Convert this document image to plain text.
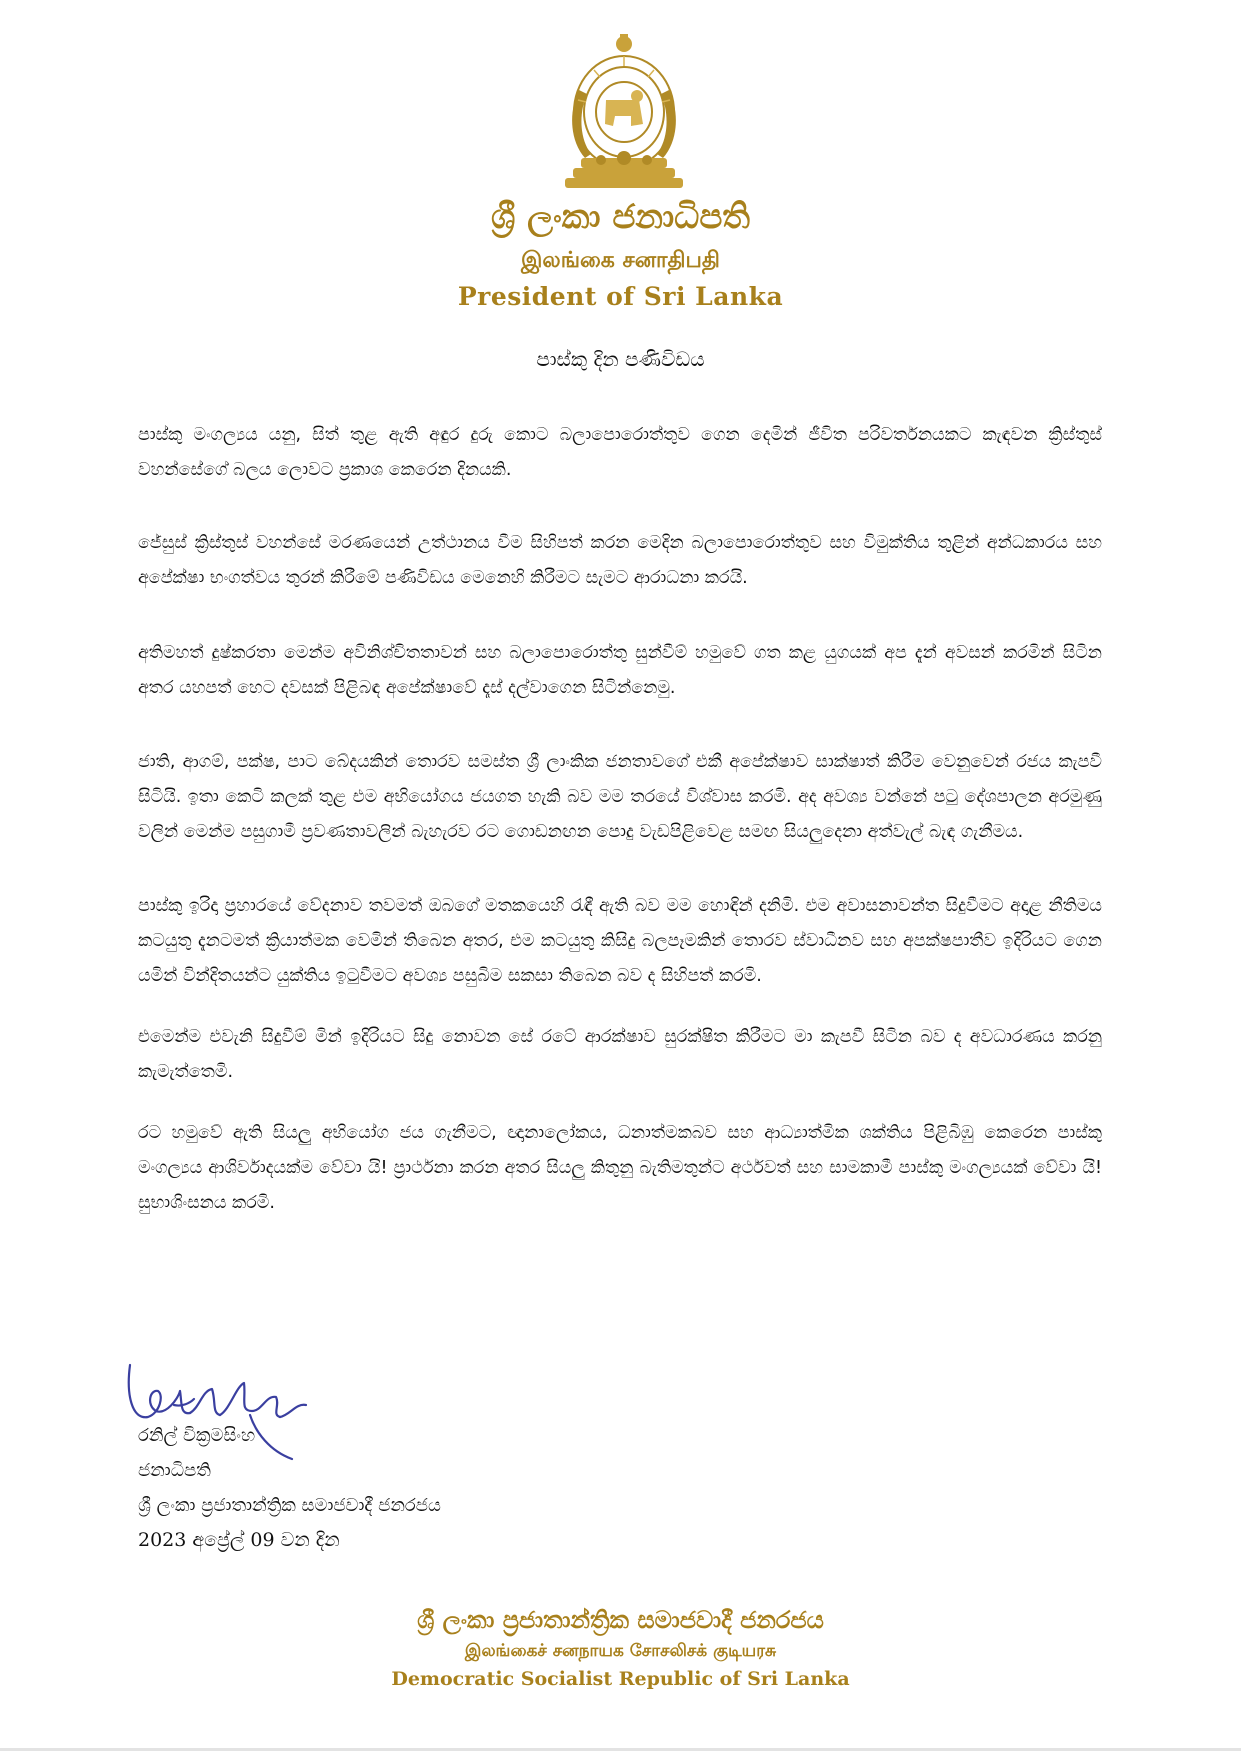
ශ්‍රී ලංකා ජනාධිපති
இலங்கை சனாதிபதி
President of Sri Lanka
පාස්කු දින පණිවිඩය

පාස්කු මංගල්‍යය යනු, සිත් තුළ ඇති අඳුර දුරු කොට බලාපොරොත්තුව ගෙන දෙමින් ජීවිත පරිවර්තනයකට කැඳවන ක්‍රිස්තුස් වහන්සේගේ බලය ලොවට ප්‍රකාශ කෙරෙන දිනයකි.

ජේසුස් ක්‍රිස්තුස් වහන්සේ මරණයෙන් උත්ථානය වීම සිහිපත් කරන මෙදින බලාපොරොත්තුව සහ විමුක්තිය තුළින් අන්ධකාරය සහ අපේක්ෂා භංගත්වය තුරන් කිරීමේ පණිවිඩය මෙනෙහි කිරීමට සැමට ආරාධනා කරයි.

අතිමහත් දුෂ්කරතා මෙන්ම අවිනිශ්චිතතාවන් සහ බලාපොරොත්තු සුන්වීම් හමුවේ ගත කළ යුගයක් අප දැන් අවසන් කරමින් සිටින අතර යහපත් හෙට දවසක් පිළිබඳ අපේක්ෂාවේ දෑස් දල්වාගෙන සිටින්නෙමු.

ජාති, ආගම්, පක්ෂ, පාට බේදයකින් තොරව සමස්ත ශ්‍රී ලාංකික ජනතාවගේ එකී අපේක්ෂාව සාක්ෂාත් කිරීම වෙනුවෙන් රජය කැපවී සිටියි. ඉතා කෙටි කලක් තුළ එම අභියෝගය ජයගත හැකි බව මම තරයේ විශ්වාස කරමි. අද අවශ්‍ය වන්නේ පටු දේශපාලන අරමුණු වලින් මෙන්ම පසුගාමී ප්‍රවණතාවලින් බැහැරව රට ගොඩනඟන පොදු වැඩපිළිවෙළ සමඟ සියලුදෙනා අත්වැල් බැඳ ගැනීමය.

පාස්කු ඉරිදා ප්‍රහාරයේ වේදනාව තවමත් ඔබගේ මතකයෙහි රැඳී ඇති බව මම හොඳින් දනිමි. එම අවාසනාවන්ත සිදුවීමට අදාළ නීතිමය කටයුතු දැනටමත් ක්‍රියාත්මක වෙමින් තිබෙන අතර, එම කටයුතු කිසිදු බලපෑමකින් තොරව ස්වාධීනව සහ අපක්ෂපාතීව ඉදිරියට ගෙන යමින් වින්දිතයන්ට යුක්තිය ඉටුවීමට අවශ්‍ය පසුබිම සකසා තිබෙන බව ද සිහිපත් කරමි.

එමෙන්ම එවැනි සිදුවීම් මින් ඉදිරියට සිදු නොවන සේ රටේ ආරක්ෂාව සුරක්ෂිත කිරීමට මා කැපවී සිටින බව ද අවධාරණය කරනු කැමැත්තෙමි.

රට හමුවේ ඇති සියලු අභියෝග ජය ගැනීමට, ඥානාලෝකය, ධනාත්මකබව සහ ආධ්‍යාත්මික ශක්තිය පිළිබිඹු කෙරෙන පාස්කු මංගල්‍යය ආශිර්වාදයක්ම වේවා යි! ප්‍රාර්ථනා කරන අතර සියලු කිතුනු බැතිමතුන්ට අර්ථවත් සහ සාමකාමී පාස්කු මංගල්‍යයක් වේවා යි! සුභාශිංසනය කරමි.

රනිල් වික්‍රමසිංහ
ජනාධිපති
ශ්‍රී ලංකා ප්‍රජාතාන්ත්‍රික සමාජවාදී ජනරජය
2023 අප්‍රේල් 09 වන දින
ශ්‍රී ලංකා ප්‍රජාතාන්ත්‍රික සමාජවාදී ජනරජය
இலங்கைச் சனநாயக சோசலிசக் குடியரசு
Democratic Socialist Republic of Sri Lanka
